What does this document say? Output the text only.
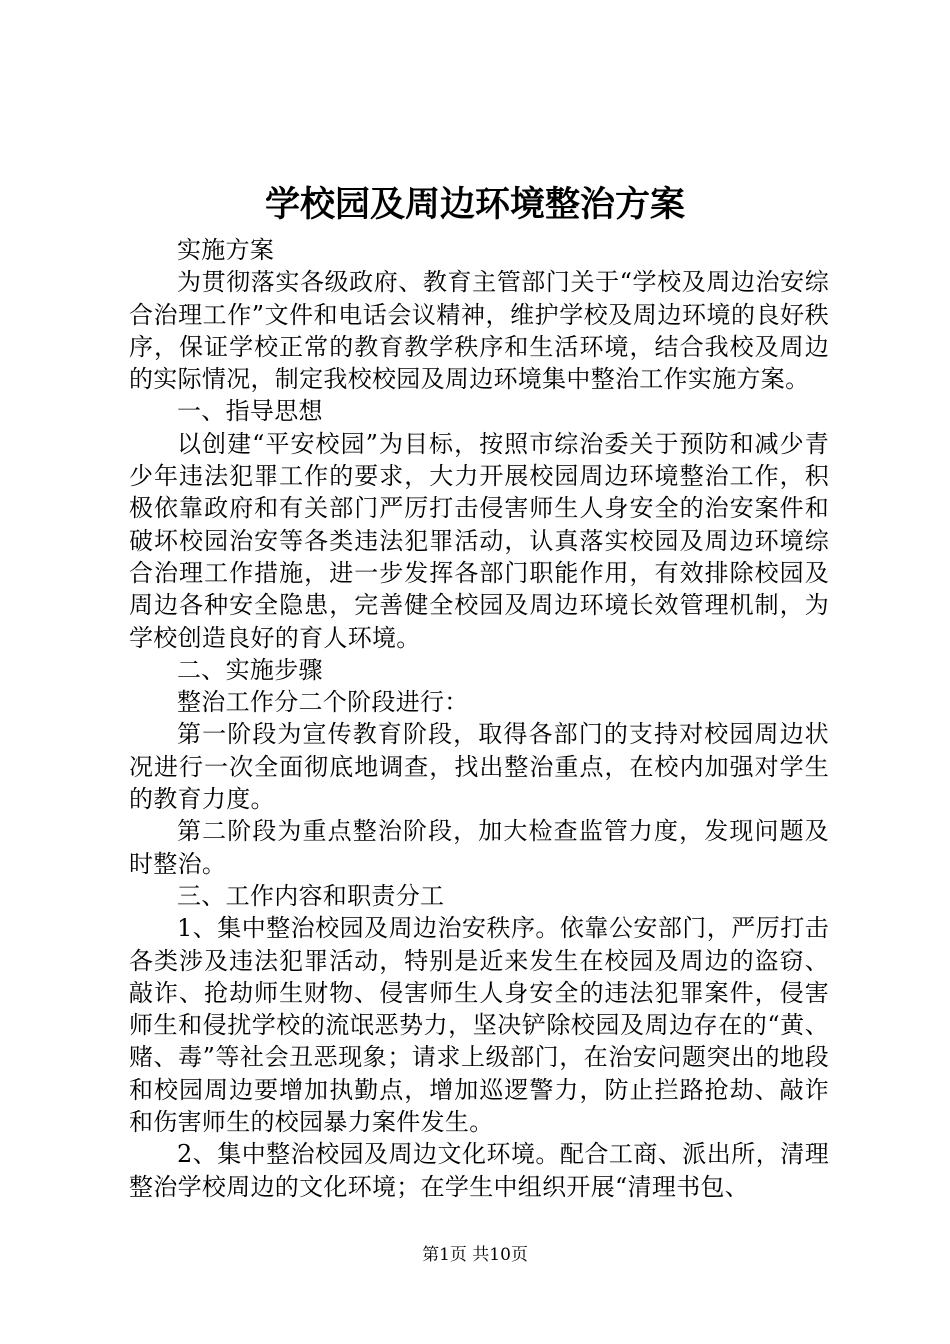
学校园及周边环境整治方案

实施方案

为贯彻落实各级政府、教育主管部门关于“学校及周边治安综合治理工作”文件和电话会议精神，维护学校及周边环境的良好秩序，保证学校正常的教育教学秩序和生活环境，结合我校及周边的实际情况，制定我校校园及周边环境集中整治工作实施方案。

一、指导思想

以创建“平安校园”为目标，按照市综治委关于预防和减少青少年违法犯罪工作的要求，大力开展校园周边环境整治工作，积极依靠政府和有关部门严厉打击侵害师生人身安全的治安案件和破坏校园治安等各类违法犯罪活动，认真落实校园及周边环境综合治理工作措施，进一步发挥各部门职能作用，有效排除校园及周边各种安全隐患，完善健全校园及周边环境长效管理机制，为学校创造良好的育人环境。

二、实施步骤

整治工作分二个阶段进行：

第一阶段为宣传教育阶段，取得各部门的支持对校园周边状况进行一次全面彻底地调查，找出整治重点，在校内加强对学生的教育力度。

第二阶段为重点整治阶段，加大检查监管力度，发现问题及时整治。

三、工作内容和职责分工

1、集中整治校园及周边治安秩序。依靠公安部门，严厉打击各类涉及违法犯罪活动，特别是近来发生在校园及周边的盗窃、敲诈、抢劫师生财物、侵害师生人身安全的违法犯罪案件，侵害师生和侵扰学校的流氓恶势力，坚决铲除校园及周边存在的“黄、赌、毒”等社会丑恶现象；请求上级部门，在治安问题突出的地段和校园周边要增加执勤点，增加巡逻警力，防止拦路抢劫、敲诈和伤害师生的校园暴力案件发生。

2、集中整治校园及周边文化环境。配合工商、派出所，清理整治学校周边的文化环境；在学生中组织开展“清理书包、

第1页 共10页
